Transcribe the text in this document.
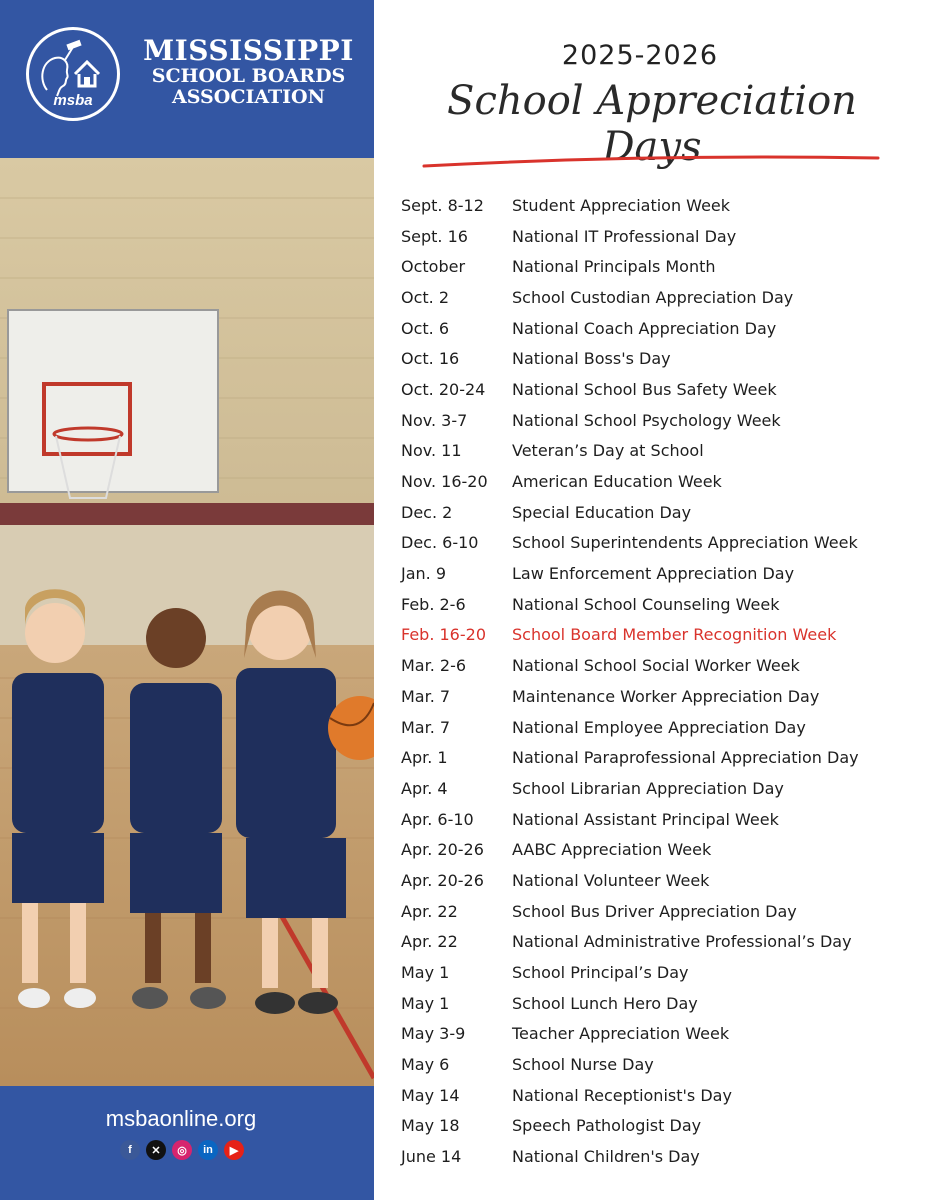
msba
MISSISSIPPI
SCHOOL BOARDS
ASSOCIATION
msbaonline.org
f	✕	◎	in	▶
2025-2026
School Appreciation Days
Sept. 8-12	Student Appreciation Week
Sept. 16	National IT Professional Day
October	National Principals Month
Oct. 2	School Custodian Appreciation Day
Oct. 6	National Coach Appreciation Day
Oct. 16	National Boss's Day
Oct. 20-24	National School Bus Safety Week
Nov. 3-7	National School Psychology Week
Nov. 11	Veteran’s Day at School
Nov. 16-20	American Education Week
Dec. 2	Special Education Day
Dec. 6-10	School Superintendents Appreciation Week
Jan. 9	Law Enforcement Appreciation Day
Feb. 2-6	National School Counseling Week
Feb. 16-20	School Board Member Recognition Week
Mar. 2-6	National School Social Worker Week
Mar. 7	Maintenance Worker Appreciation Day
Mar. 7	National Employee Appreciation Day
Apr. 1	National Paraprofessional Appreciation Day
Apr. 4	School Librarian Appreciation Day
Apr. 6-10	National Assistant Principal Week
Apr. 20-26	AABC Appreciation Week
Apr. 20-26	National Volunteer Week
Apr. 22	School Bus Driver Appreciation Day
Apr. 22	National Administrative Professional’s Day
May 1	School Principal’s Day
May 1	School Lunch Hero Day
May 3-9	Teacher Appreciation Week
May 6	School Nurse Day
May 14	National Receptionist's Day
May 18	Speech Pathologist Day
June 14	National Children's Day
